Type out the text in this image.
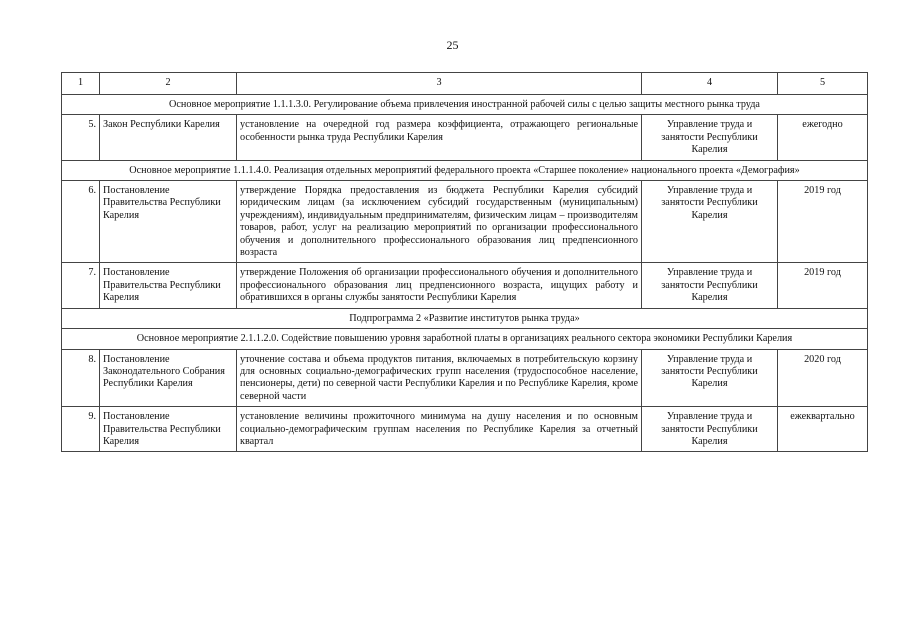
25
1	2	3	4	5
Основное мероприятие 1.1.1.3.0. Регулирование объема привлечения иностранной рабочей силы с целью защиты местного рынка труда				
5.	Закон Республики Карелия	установление на очередной год размера коэффициента, отражающего региональные особенности рынка труда Республики Карелия	Управление труда и занятости Республики Карелия	ежегодно
Основное мероприятие 1.1.1.4.0. Реализация отдельных мероприятий федерального проекта «Старшее поколение» национального проекта «Демография»				
6.	Постановление Правительства Республики Карелия	утверждение Порядка предоставления из бюджета Республики Карелия субсидий юридическим лицам (за исключением субсидий государственным (муниципальным) учреждениям), индивидуальным предпринимателям, физическим лицам – производителям товаров, работ, услуг на реализацию мероприятий по организации профессионального обучения и дополнительного профессионального образования лиц предпенсионного возраста	Управление труда и занятости Республики Карелия	2019 год
7.	Постановление Правительства Республики Карелия	утверждение Положения об организации профессионального обучения и дополнительного профессионального образования лиц предпенсионного возраста, ищущих работу и обратившихся в органы службы занятости Республики Карелия	Управление труда и занятости Республики Карелия	2019 год
Подпрограмма 2 «Развитие институтов рынка труда»				
Основное мероприятие 2.1.1.2.0. Содействие повышению уровня заработной платы в организациях реального сектора экономики Республики Карелия				
8.	Постановление Законодательного Собрания Республики Карелия	уточнение состава и объема продуктов питания, включаемых в потребительскую корзину для основных социально-демографических групп населения (трудоспособное население, пенсионеры, дети) по северной части Республики Карелия и по Республике Карелия, кроме северной части	Управление труда и занятости Республики Карелия	2020 год
9.	Постановление Правительства Республики Карелия	установление величины прожиточного минимума на душу населения и по основным социально-демографическим группам населения по Республике Карелия за отчетный квартал	Управление труда и занятости Республики Карелия	ежеквартально
